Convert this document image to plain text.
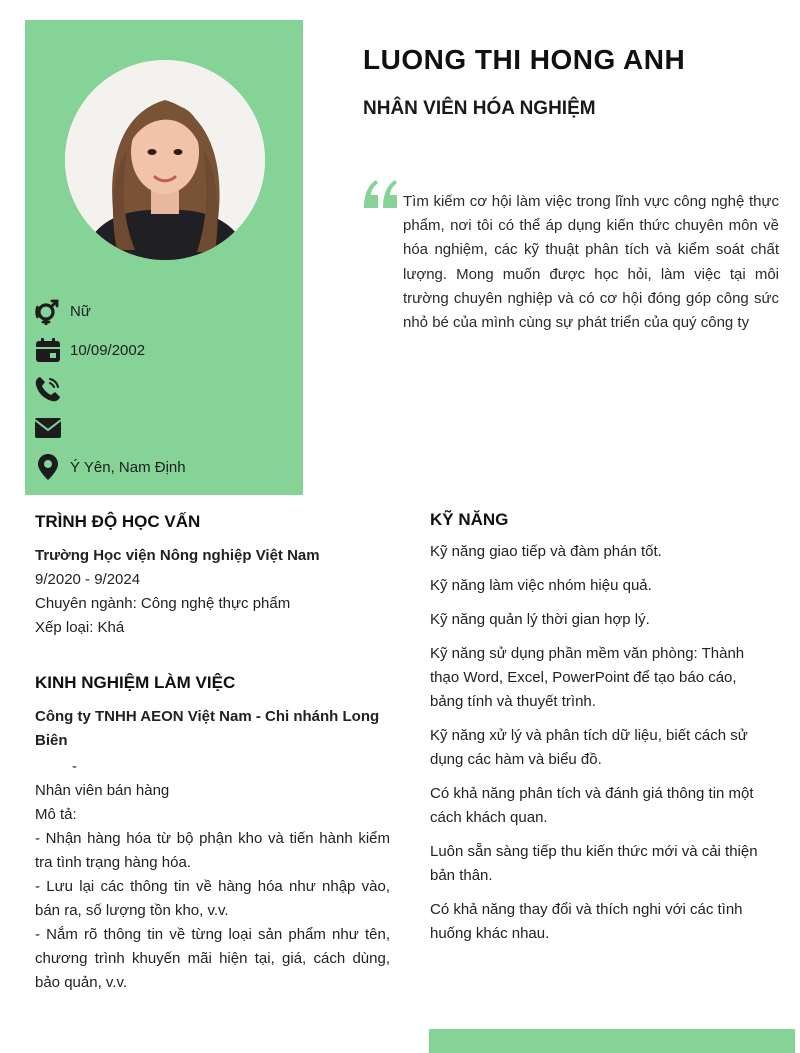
Nữ
10/09/2002
Ý Yên, Nam Định
LUONG THI HONG ANH
NHÂN VIÊN HÓA NGHIỆM
Tìm kiếm cơ hội làm việc trong lĩnh vực công nghệ thực phẩm, nơi tôi có thể áp dụng kiến thức chuyên môn về hóa nghiệm, các kỹ thuật phân tích và kiểm soát chất lượng. Mong muốn được học hỏi, làm việc tại môi trường chuyên nghiệp và có cơ hội đóng góp công sức nhỏ bé của mình cùng sự phát triển của quý công ty
TRÌNH ĐỘ HỌC VẤN
Trường Học viện Nông nghiệp Việt Nam
9/2020 - 9/2024
Chuyên ngành: Công nghệ thực phẩm
Xếp loại: Khá
KINH NGHIỆM LÀM VIỆC
Công ty TNHH AEON Việt Nam - Chi nhánh Long Biên
-
Nhân viên bán hàng
Mô tả:
- Nhận hàng hóa từ bộ phận kho và tiến hành kiểm tra tình trạng hàng hóa.
- Lưu lại các thông tin về hàng hóa như nhập vào, bán ra, số lượng tồn kho, v.v.
- Nắm rõ thông tin về từng loại sản phẩm như tên, chương trình khuyến mãi hiện tại, giá, cách dùng, bảo quản, v.v.
KỸ NĂNG
Kỹ năng giao tiếp và đàm phán tốt.
Kỹ năng làm việc nhóm hiệu quả.
Kỹ năng quản lý thời gian hợp lý.
Kỹ năng sử dụng phần mềm văn phòng: Thành thạo Word, Excel, PowerPoint để tạo báo cáo, bảng tính và thuyết trình.
Kỹ năng xử lý và phân tích dữ liệu, biết cách sử dụng các hàm và biểu đồ.
Có khả năng phân tích và đánh giá thông tin một cách khách quan.
Luôn sẵn sàng tiếp thu kiến thức mới và cải thiện bản thân.
Có khả năng thay đổi và thích nghi với các tình huống khác nhau.
